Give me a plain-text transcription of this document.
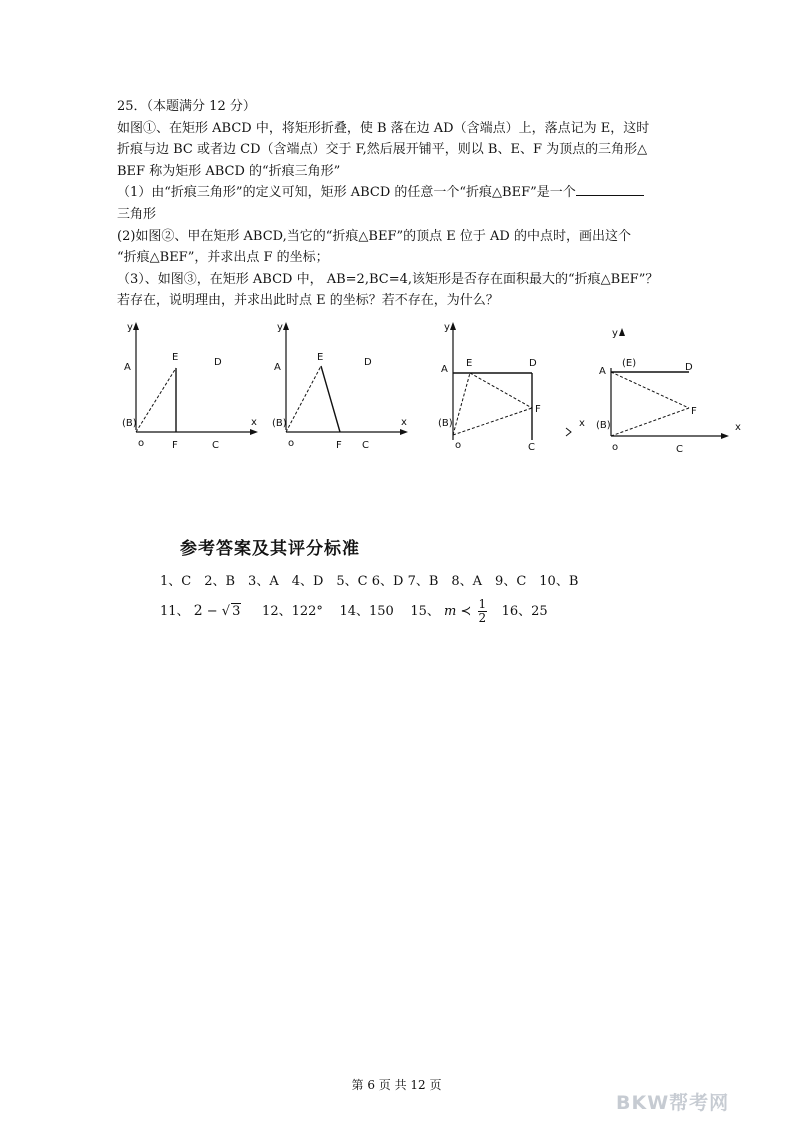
25．（本题满分 12 分）

如图①、在矩形 ABCD 中，将矩形折叠，使 B 落在边 AD（含端点）上，落点记为 E，这时

折痕与边 BC 或者边 CD（含端点）交于 F,然后展开铺平，则以 B、E、F 为顶点的三角形△

BEF 称为矩形 ABCD 的“折痕三角形”

（1）由“折痕三角形”的定义可知，矩形 ABCD 的任意一个“折痕△BEF”是一个

三角形

(2)如图②、甲在矩形 ABCD,当它的“折痕△BEF”的顶点 E 位于 AD 的中点时，画出这个

“折痕△BEF”，并求出点 F 的坐标；

（3）、如图③，在矩形 ABCD 中， AB=2,BC=4,该矩形是否存在面积最大的“折痕△BEF”？

若存在，说明理由，并求出此时点 E 的坐标？若不存在，为什么？

y
A
E	D
x
(B)
o	F	C
y
A
E	D
x
(B)
o	F C
y
A
E	D
F
(B)
o	C
x
y
(E)
A	D
F
(B)	x
o	C
参考答案及其评分标准
1、C　2、B　3、A　4、D　5、C 6、D 7、B　8、A　9、C　10、B
11、 2 − √ 3 12、122° 14、150 15、 m ≺ $\frac{1}{2} 16$、25
第 6 页 共 12 页
BKW帮考网
